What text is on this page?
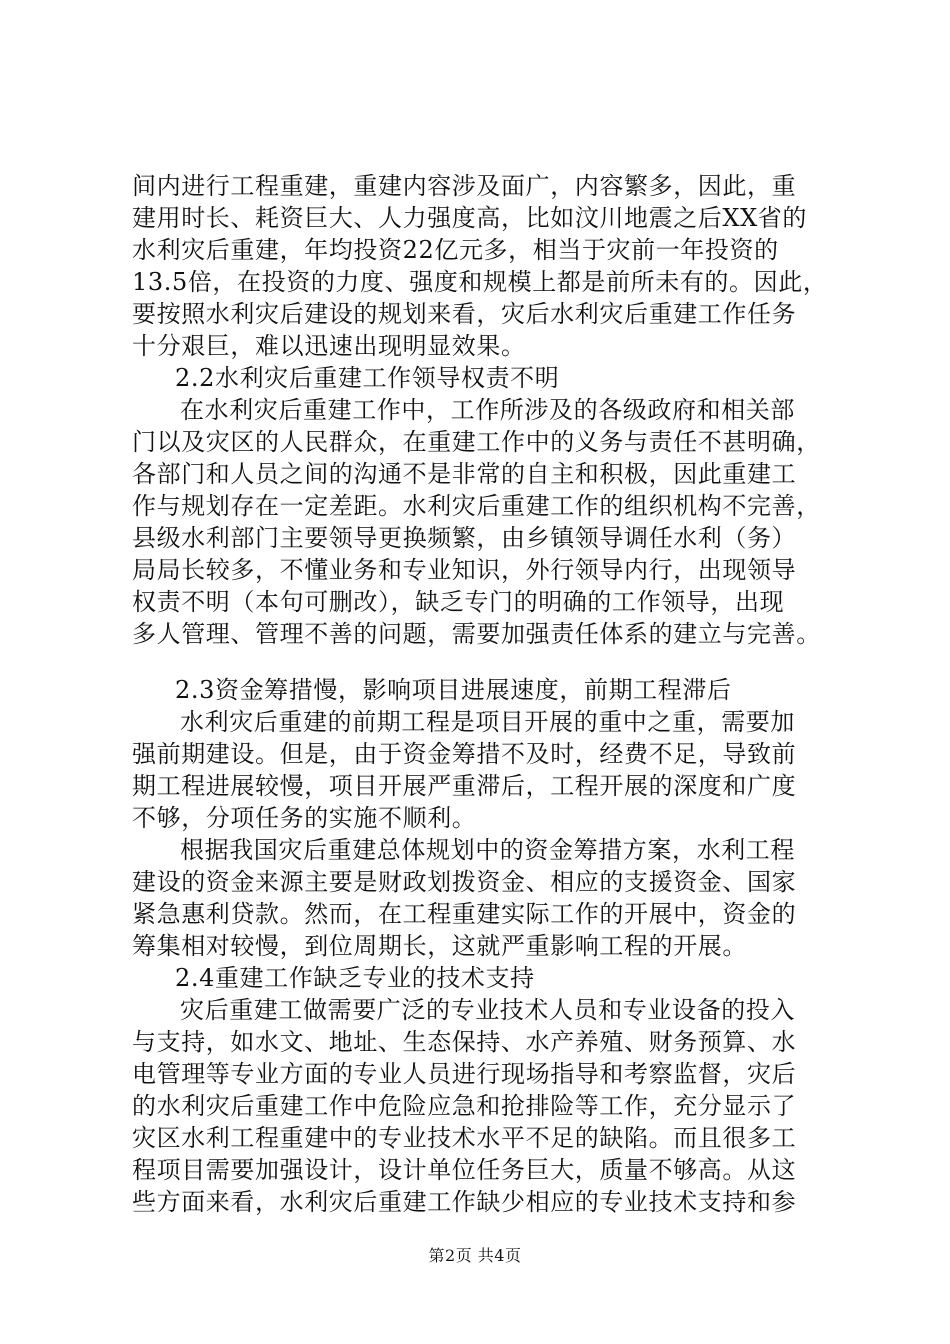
间内进行工程重建，重建内容涉及面广，内容繁多，因此，重
建用时长、耗资巨大、人力强度高，比如汶川地震之后XX省的
水利灾后重建，年均投资22亿元多，相当于灾前一年投资的
13.5倍，在投资的力度、强度和规模上都是前所未有的。因此，
要按照水利灾后建设的规划来看，灾后水利灾后重建工作任务
十分艰巨，难以迅速出现明显效果。
2.2水利灾后重建工作领导权责不明
在水利灾后重建工作中，工作所涉及的各级政府和相关部
门以及灾区的人民群众，在重建工作中的义务与责任不甚明确，
各部门和人员之间的沟通不是非常的自主和积极，因此重建工
作与规划存在一定差距。水利灾后重建工作的组织机构不完善，
县级水利部门主要领导更换频繁，由乡镇领导调任水利（务）
局局长较多，不懂业务和专业知识，外行领导内行，出现领导
权责不明（本句可删改），缺乏专门的明确的工作领导，出现
多人管理、管理不善的问题，需要加强责任体系的建立与完善。
2.3资金筹措慢，影响项目进展速度，前期工程滞后
水利灾后重建的前期工程是项目开展的重中之重，需要加
强前期建设。但是，由于资金筹措不及时，经费不足，导致前
期工程进展较慢，项目开展严重滞后，工程开展的深度和广度
不够，分项任务的实施不顺利。
根据我国灾后重建总体规划中的资金筹措方案，水利工程
建设的资金来源主要是财政划拨资金、相应的支援资金、国家
紧急惠利贷款。然而，在工程重建实际工作的开展中，资金的
筹集相对较慢，到位周期长，这就严重影响工程的开展。
2.4重建工作缺乏专业的技术支持
灾后重建工做需要广泛的专业技术人员和专业设备的投入
与支持，如水文、地址、生态保持、水产养殖、财务预算、水
电管理等专业方面的专业人员进行现场指导和考察监督，灾后
的水利灾后重建工作中危险应急和抢排险等工作，充分显示了
灾区水利工程重建中的专业技术水平不足的缺陷。而且很多工
程项目需要加强设计，设计单位任务巨大，质量不够高。从这
些方面来看，水利灾后重建工作缺少相应的专业技术支持和参
第2页 共4页
